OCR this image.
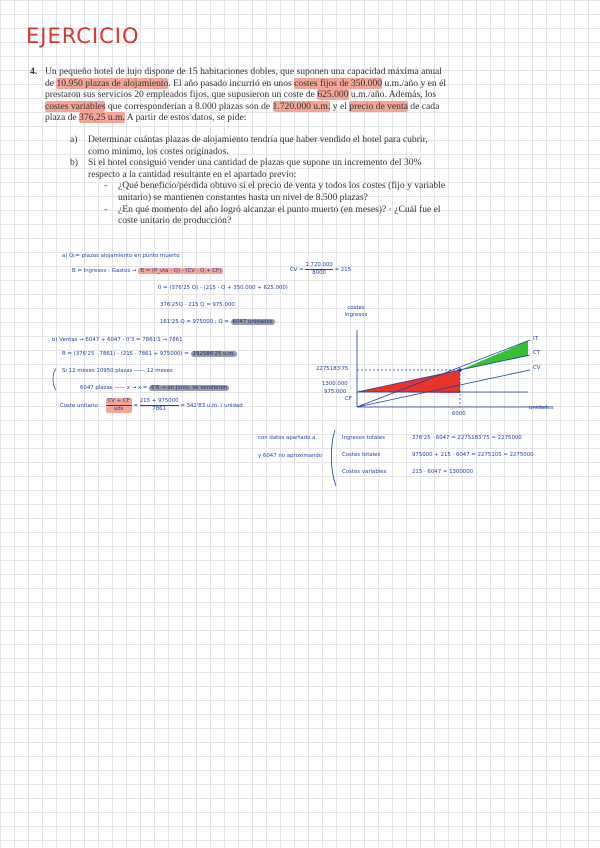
EJERCICIO
4. Un pequeño hotel de lujo dispone de 15 habitaciones dobles, que suponen una capacidad máxima anual de 10.950 plazas de alojamiento. El año pasado incurrió en unos costes fijos de 350.000 u.m./año y en él prestaron sus servicios 20 empleados fijos, que supusieron un coste de 625.000 u.m./año. Además, los costes variables que corresponderían a 8.000 plazas son de 1.720.000 u.m. y el precio de venta de cada plaza de 376,25 u.m. A partir de estos datos, se pide:

a) Determinar cuántas plazas de alojamiento tendría que haber vendido el hotel para cubrir, como mínimo, los costes originados.
b) Si el hotel consiguió vender una cantidad de plazas que supone un incremento del 30% respecto a la cantidad resultante en el apartado previo:
- ¿Qué beneficio/pérdida obtuvo si el precio de venta y todos los costes (fijo y variable unitario) se mantienen constantes hasta un nivel de 8.500 plazas?
- ¿En qué momento del año logró alcanzar el punto muerto (en meses)? · ¿Cuál fue el coste unitario de producción?
a) Q₀= plazas alojamiento en punto muerto
B = Ingresos - Gastos → B = (P_vta · Q) - (CV · Q + CF)	CV = $\frac{1.720.000}{8000} = 215$
0 = (376'25 Q) - (215 · Q + 350.000 + 625.000)
376'25Q - 215 Q = 975.000
161'25 Q = 975000 ; Q = 6047 unidades
b) Ventas → 6047 + 6047 · 0'3 = 7861'1 → 7861
B = (376'25 · 7861) - (215 · 7861 + 975000) = 292586'25 u.m.
Si 12 meses 10950 plazas —— 12 meses
6047 plazas —— x → x = 6'6 → en junio, se vendieron
Coste unitario $\frac{CV + CF}{\text{uds}} = \frac{215 + 975000}{7861} = 342'83$ u.m. / unidad
con datos apartado a
y 6047 no aproximando
Ingresos totales	376'25 · 6047 = 2275183'75 ≈ 2275000
Costes totales	975000 + 215 · 6047 = 2275105 ≈ 2275000
Costes variables	215 · 6047 ≈ 1300000
costes ingresos
unidades
6000
2275183'75
1300.000
975.000
CF
IT
CT
CV
